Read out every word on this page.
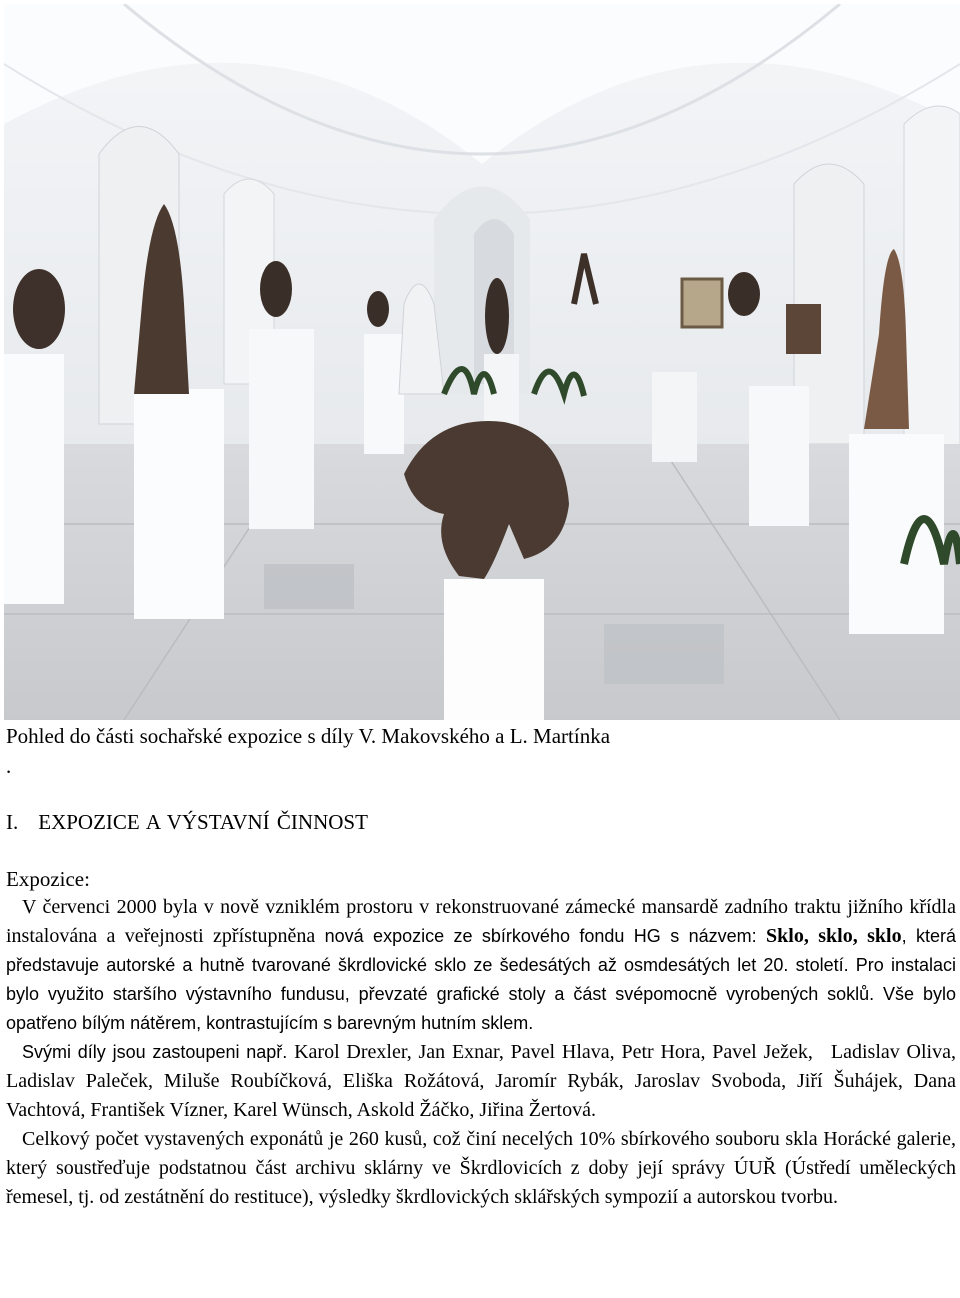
Pohled do části sochařské expozice s díly V. Makovského a L. Martínka
.
I. EXPOZICE A VÝSTAVNÍ ČINNOST
Expozice:

V červenci 2000 byla v nově vzniklém prostoru v rekonstruované zámecké mansardě zadního traktu jižního křídla instalována a veřejnosti zpřístupněna nová expozice ze sbírkového fondu HG s názvem: Sklo, sklo, sklo, která představuje autorské a hutně tvarované škrdlovické sklo ze šedesátých až osmdesátých let 20. století. Pro instalaci bylo využito staršího výstavního fundusu, převzaté grafické stoly a část svépomocně vyrobených soklů. Vše bylo opatřeno bílým nátěrem, kontrastujícím s barevným hutním sklem.

Svými díly jsou zastoupeni např. Karol Drexler, Jan Exnar, Pavel Hlava, Petr Hora, Pavel Ježek, Ladislav Oliva, Ladislav Paleček, Miluše Roubíčková, Eliška Rožátová, Jaromír Rybák, Jaroslav Svoboda, Jiří Šuhájek, Dana Vachtová, František Vízner, Karel Wünsch, Askold Žáčko, Jiřina Žertová.

Celkový počet vystavených exponátů je 260 kusů, což činí necelých 10% sbírkového souboru skla Horácké galerie, který soustřeďuje podstatnou část archivu sklárny ve Škrdlovicích z doby její správy ÚUŘ (Ústředí uměleckých řemesel, tj. od zestátnění do restituce), výsledky škrdlovických sklářských sympozií a autorskou tvorbu.
